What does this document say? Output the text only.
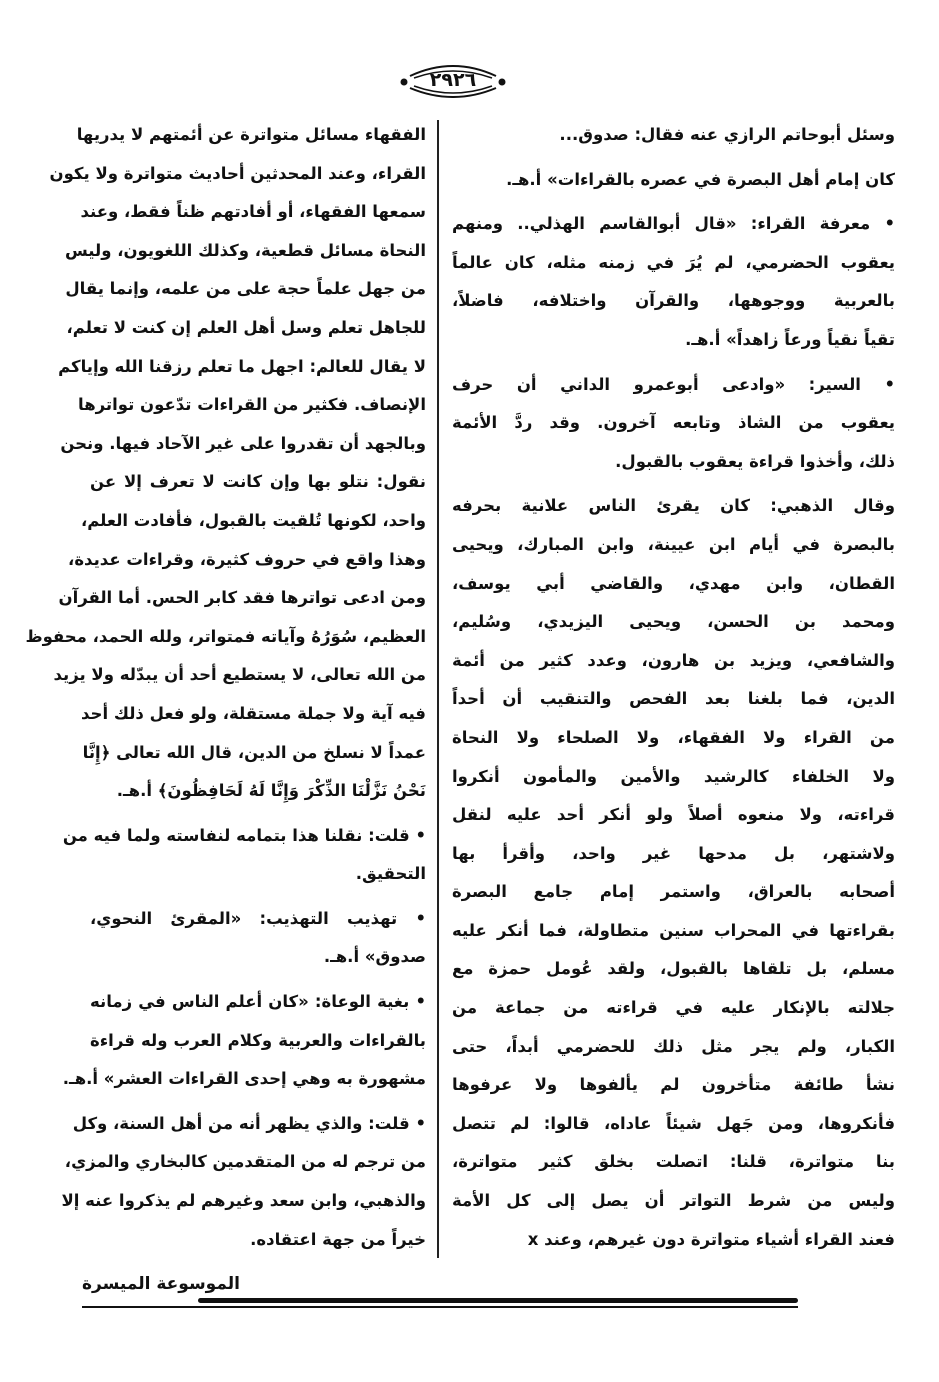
٢٩٢٦
وسئل أبوحاتم الرازي عنه فقال: صدوق...
كان إمام أهل البصرة في عصره بالقراءات» أ.هـ.
• معرفة القراء: «قال أبوالقاسم الهذلي.. ومنهم
يعقوب الحضرمي، لم يُرَ في زمنه مثله، كان عالماً
بالعربية ووجوهها، والقرآن واختلافه، فاضلاً،
تقياً نقياً ورعاً زاهداً» أ.هـ.
• السير: «وادعى أبوعمرو الداني أن حرف
يعقوب من الشاذ وتابعه آخرون. وقد ردَّ الأئمة
ذلك، وأخذوا قراءة يعقوب بالقبول.
وقال الذهبي: كان يقرئ الناس علانية بحرفه
بالبصرة في أيام ابن عيينة، وابن المبارك، ويحيى
القطان، وابن مهدي، والقاضي أبي يوسف،
ومحمد بن الحسن، ويحيى اليزيدي، وسُليم،
والشافعي، ويزيد بن هارون، وعدد كثير من أئمة
الدين، فما بلغنا بعد الفحص والتنقيب أن أحداً
من القراء ولا الفقهاء، ولا الصلحاء ولا النحاة
ولا الخلفاء كالرشيد والأمين والمأمون أنكروا
قراءته، ولا منعوه أصلاً ولو أنكر أحد عليه لنقل
ولاشتهر، بل مدحها غير واحد، وأقرأ بها
أصحابه بالعراق، واستمر إمام جامع البصرة
بقراءتها في المحراب سنين متطاولة، فما أنكر عليه
مسلم، بل تلقاها بالقبول، ولقد عُومل حمزة مع
جلالته بالإنكار عليه في قراءته من جماعة من
الكبار، ولم يجر مثل ذلك للحضرمي أبداً، حتى
نشأ طائفة متأخرون لم يألفوها ولا عرفوها
فأنكروها، ومن جَهل شيئاً عاداه، قالوا: لم تتصل
بنا متواترة، قلنا: اتصلت بخلق كثير متواترة،
وليس من شرط التواتر أن يصل إلى كل الأمة
فعند القراء أشياء متواترة دون غيرهم، وعند x
الفقهاء مسائل متواترة عن أئمتهم لا يدريها
القراء، وعند المحدثين أحاديث متواترة ولا يكون
سمعها الفقهاء، أو أفادتهم ظناً فقط، وعند
النحاة مسائل قطعية، وكذلك اللغويون، وليس
من جهل علماً حجة على من علمه، وإنما يقال
للجاهل تعلم وسل أهل العلم إن كنت لا تعلم،
لا يقال للعالم: اجهل ما تعلم رزقنا الله وإياكم
الإنصاف. فكثير من القراءات تدّعون تواترها
وبالجهد أن تقدروا على غير الآحاد فيها. ونحن
نقول: نتلو بها وإن كانت لا تعرف إلا عن
واحد، لكونها تُلقيت بالقبول، فأفادت العلم،
وهذا واقع في حروف كثيرة، وقراءات عديدة،
ومن ادعى تواترها فقد كابر الحس. أما القرآن
العظيم، سُوَرُهُ وآياته فمتواتر، ولله الحمد، محفوظ
من الله تعالى، لا يستطيع أحد أن يبدّله ولا يزيد
فيه آية ولا جملة مستقلة، ولو فعل ذلك أحد
عمداً لا نسلخ من الدين، قال الله تعالى ﴿إِنَّا
نَحْنُ نَزَّلْنَا الذِّكْرَ وَإِنَّا لَهُ لَحَافِظُونَ﴾ أ.هـ.
• قلت: نقلنا هذا بتمامه لنفاسته ولما فيه من
التحقيق.
• تهذيب التهذيب: «المقرئ النحوي،
صدوق» أ.هـ.
• بغية الوعاة: «كان أعلم الناس في زمانه
بالقراءات والعربية وكلام العرب وله قراءة
مشهورة به وهي إحدى القراءات العشر» أ.هـ.
• قلت: والذي يظهر أنه من أهل السنة، وكل
من ترجم له من المتقدمين كالبخاري والمزي،
والذهبي، وابن سعد وغيرهم لم يذكروا عنه إلا
خيراً من جهة اعتقاده.
الموسوعة الميسرة
